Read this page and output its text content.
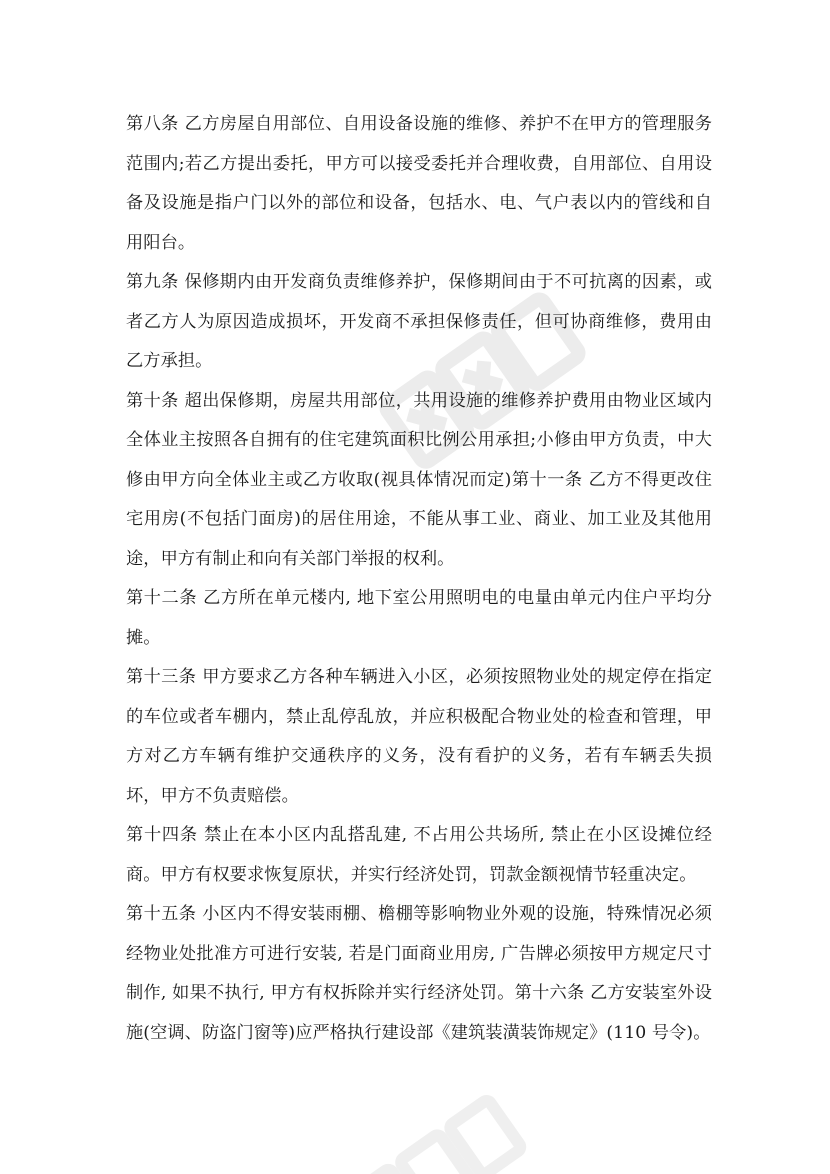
第八条 乙方房屋自用部位、自用设备设施的维修、养护不在甲方的管理服务范围内;若乙方提出委托，甲方可以接受委托并合理收费，自用部位、自用设备及设施是指户门以外的部位和设备，包括水、电、气户表以内的管线和自用阳台。

第九条 保修期内由开发商负责维修养护，保修期间由于不可抗离的因素，或者乙方人为原因造成损坏，开发商不承担保修责任，但可协商维修，费用由乙方承担。

第十条 超出保修期，房屋共用部位，共用设施的维修养护费用由物业区域内全体业主按照各自拥有的住宅建筑面积比例公用承担;小修由甲方负责，中大修由甲方向全体业主或乙方收取(视具体情况而定)第十一条 乙方不得更改住宅用房(不包括门面房)的居住用途，不能从事工业、商业、加工业及其他用途，甲方有制止和向有关部门举报的权利。

第十二条 乙方所在单元楼内, 地下室公用照明电的电量由单元内住户平均分摊。

第十三条 甲方要求乙方各种车辆进入小区，必须按照物业处的规定停在指定的车位或者车棚内，禁止乱停乱放，并应积极配合物业处的检查和管理，甲方对乙方车辆有维护交通秩序的义务，没有看护的义务，若有车辆丢失损坏，甲方不负责赔偿。

第十四条 禁止在本小区内乱搭乱建, 不占用公共场所, 禁止在小区设摊位经商。甲方有权要求恢复原状，并实行经济处罚，罚款金额视情节轻重决定。

第十五条 小区内不得安装雨棚、檐棚等影响物业外观的设施，特殊情况必须经物业处批准方可进行安装, 若是门面商业用房, 广告牌必须按甲方规定尺寸制作, 如果不执行, 甲方有权拆除并实行经济处罚。第十六条 乙方安装室外设施(空调、防盗门窗等)应严格执行建设部《建筑装潢装饰规定》(110 号令)。
